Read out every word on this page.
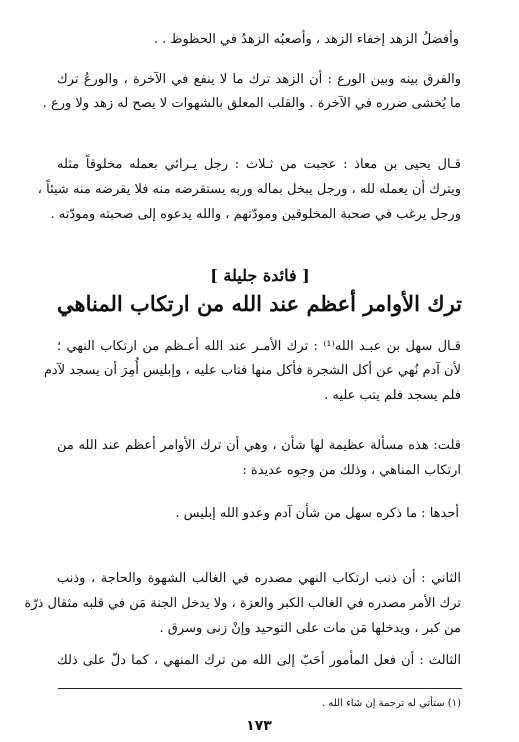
وأفضلُ الزهد إخفاء الزهد ، وأصعبُه الزهدُ في الحظوظ . .
والفرق بينه وبين الورع : أن الزهد ترك ما لا ينفع في الآخرة ، والورعُ ترك
ما يُخشى ضرره في الآخرة . والقلب المعلق بالشهوات لا يصح له زهد ولا ورع .
قـال يحيى بن معاذ : عجبت من ثـلاث : رجل يـرائي بعمله مخلوقاً مثله
ويترك أن يعمله لله ، ورجل يبخل بماله وربه يستقرضه منه فلا يقرضه منه شيئاً ،
ورجل يرغب في صحبة المخلوقين ومودّتهم ، والله يدعوه إلى صحبته ومودّته .
[ فائدة جليلة ]
ترك الأوامر أعظم عند الله من ارتكاب المناهي
قـال سهل بن عبـد الله⁽¹⁾ : ترك الأمـر عند الله أعـظم من ارتكاب النهي ؛
لأن آدم نُهي عن أكل الشجرة فأكل منها فتاب عليه ، وإبليس أُمِرَ أن يسجد لآدم
فلم يسجد فلم يتب عليه .
قلت: هذه مسألة عظيمة لها شأن ، وهي أن ترك الأوامر أعظم عند الله من
ارتكاب المناهي ، وذلك من وجوه عديدة :
أحدها : ما ذكره سهل من شأن آدم وعدو الله إبليس .
الثاني : أن ذنب ارتكاب النهي مصدره في الغالب الشهوة والحاجة ، وذنب
ترك الأمر مصدره في الغالب الكبر والعزة ، ولا يدخل الجنة مَن في قلبه مثقال ذرّة
من كبر ، ويدخلها مَن مات على التوحيد وإنْ زنى وسرق .
الثالث : أن فعل المأمور أحَبّ إلى الله من ترك المنهي ، كما دلّ على ذلك
(١) ستأتي له ترجمة إن شاء الله .
١٧٣
